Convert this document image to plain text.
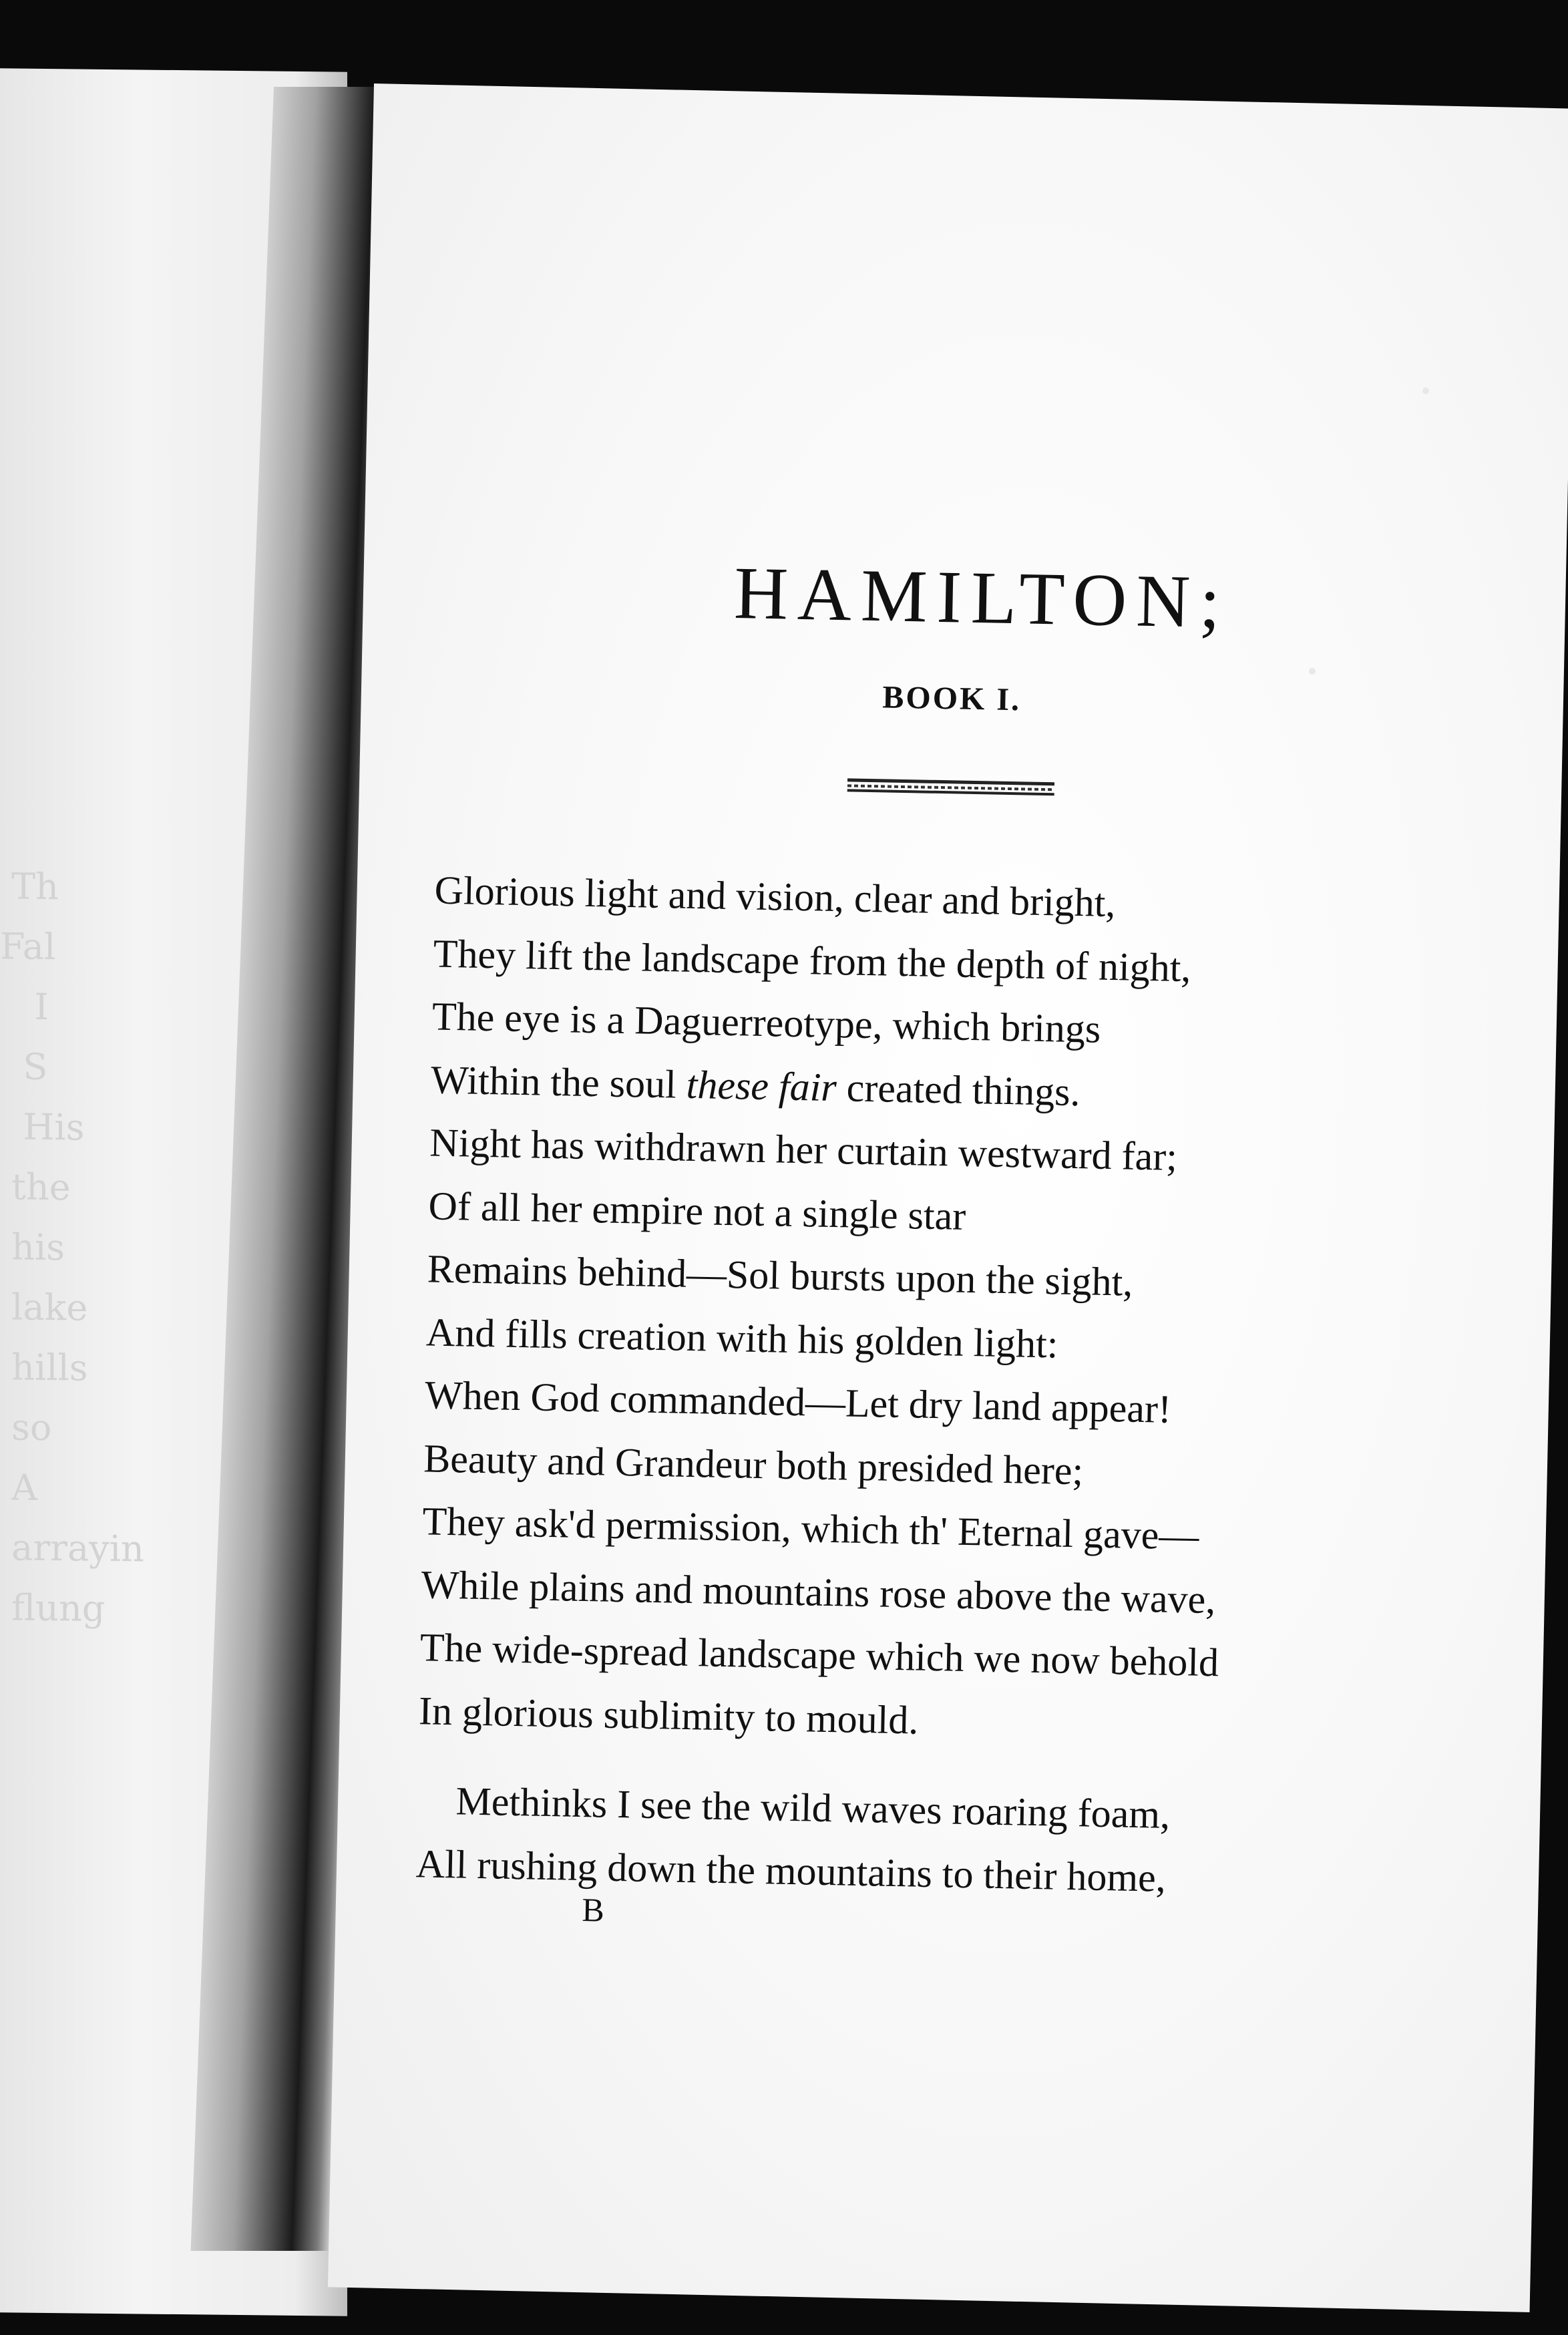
Th
Fal
I
S
His
the
his
lake
hills
so
A
arrayin
flung

HAMILTON;
BOOK I.
Glorious light and vision, clear and bright,
They lift the landscape from the depth of night,
The eye is a Daguerreotype, which brings
Within the soul these fair created things.
Night has withdrawn her curtain westward far;
Of all her empire not a single star
Remains behind—Sol bursts upon the sight,
And fills creation with his golden light:
When God commanded—Let dry land appear!
Beauty and Grandeur both presided here;
They ask'd permission, which th' Eternal gave—
While plains and mountains rose above the wave,
The wide-spread landscape which we now behold
In glorious sublimity to mould.
Methinks I see the wild waves roaring foam,
All rushing down the mountains to their home,
B
